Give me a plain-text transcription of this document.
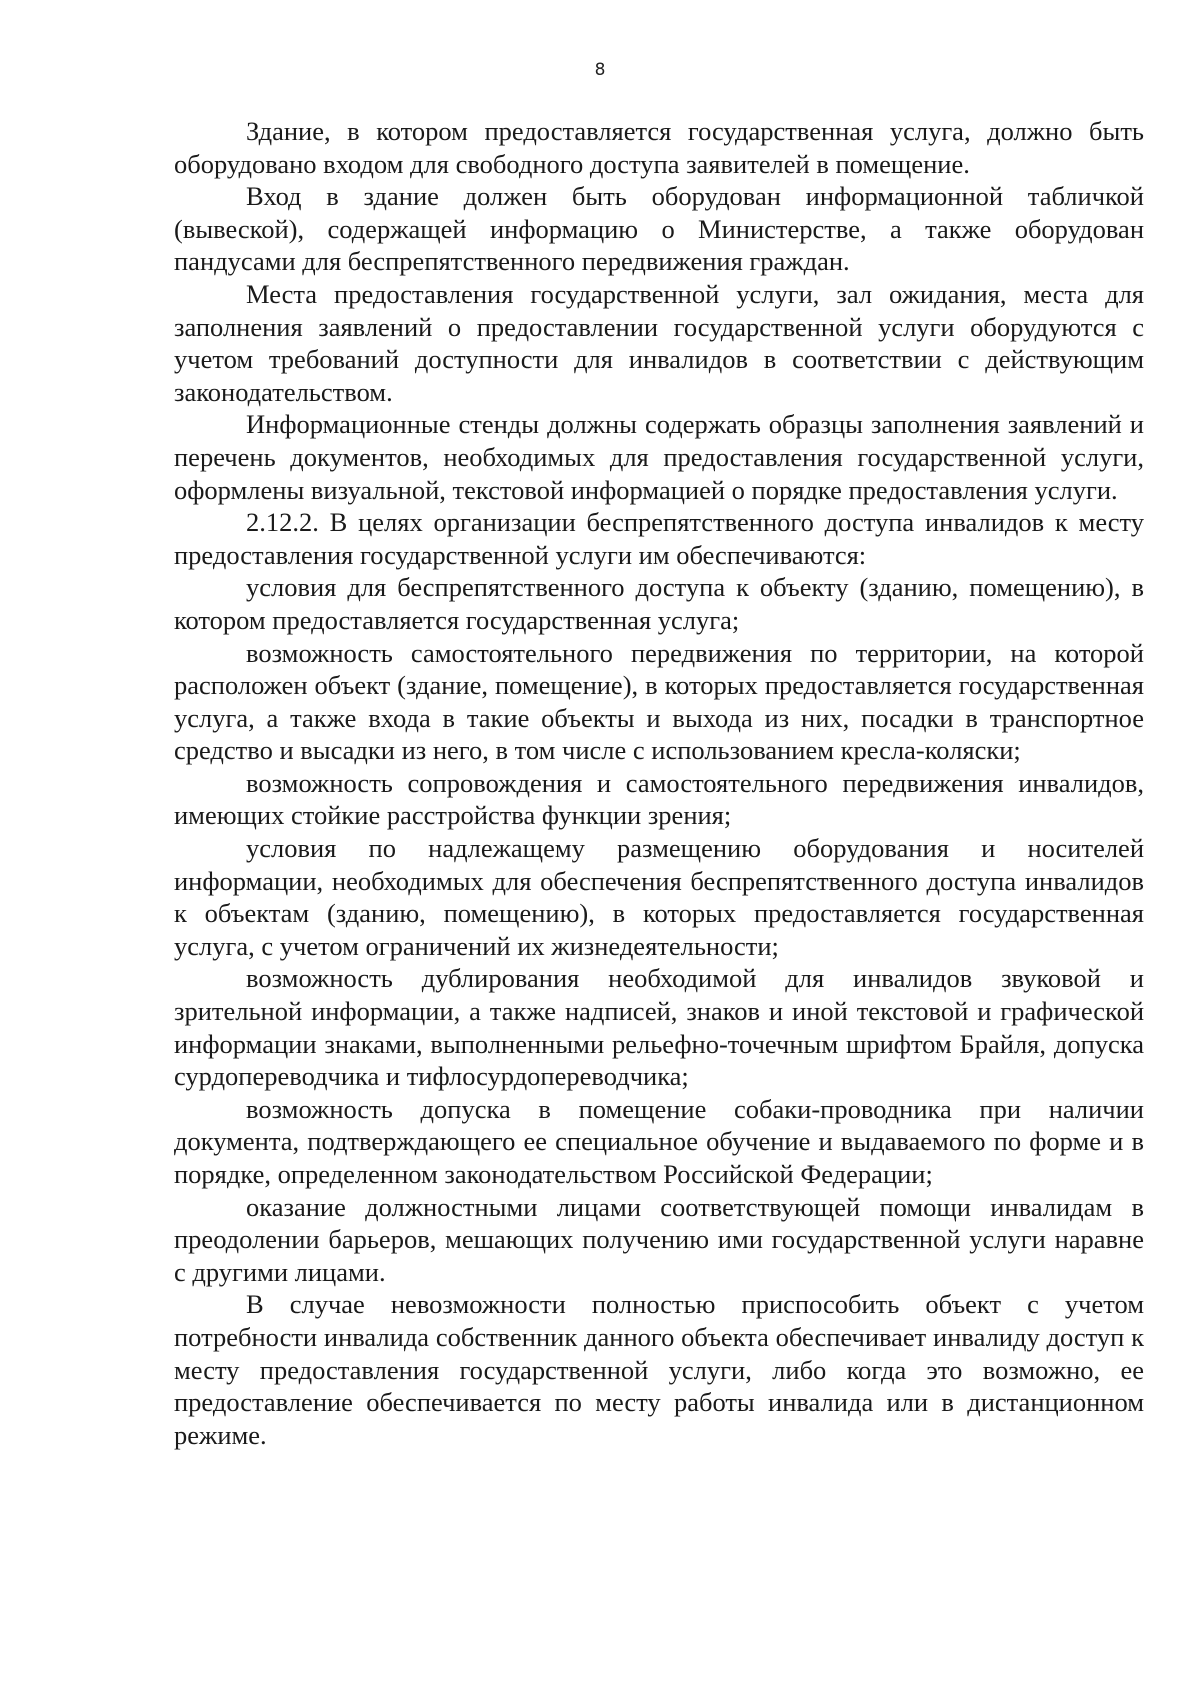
8

Здание, в котором предоставляется государственная услуга, должно быть оборудовано входом для свободного доступа заявителей в помещение.

Вход в здание должен быть оборудован информационной табличкой (вывеской), содержащей информацию о Министерстве, а также оборудован пандусами для беспрепятственного передвижения граждан.

Места предоставления государственной услуги, зал ожидания, места для заполнения заявлений о предоставлении государственной услуги оборудуются с учетом требований доступности для инвалидов в соответствии с действующим законодательством.

Информационные стенды должны содержать образцы заполнения заявлений и перечень документов, необходимых для предоставления государственной услуги, оформлены визуальной, текстовой информацией о порядке предоставления услуги.

2.12.2. В целях организации беспрепятственного доступа инвалидов к месту предоставления государственной услуги им обеспечиваются:

условия для беспрепятственного доступа к объекту (зданию, помещению), в котором предоставляется государственная услуга;

возможность самостоятельного передвижения по территории, на которой расположен объект (здание, помещение), в которых предоставляется государственная услуга, а также входа в такие объекты и выхода из них, посадки в транспортное средство и высадки из него, в том числе с использованием кресла-коляски;

возможность сопровождения и самостоятельного передвижения инвалидов, имеющих стойкие расстройства функции зрения;

условия по надлежащему размещению оборудования и носителей информации, необходимых для обеспечения беспрепятственного доступа инвалидов к объектам (зданию, помещению), в которых предоставляется государственная услуга, с учетом ограничений их жизнедеятельности;

возможность дублирования необходимой для инвалидов звуковой и зрительной информации, а также надписей, знаков и иной текстовой и графической информации знаками, выполненными рельефно-точечным шрифтом Брайля, допуска сурдопереводчика и тифлосурдопереводчика;

возможность допуска в помещение собаки-проводника при наличии документа, подтверждающего ее специальное обучение и выдаваемого по форме и в порядке, определенном законодательством Российской Федерации;

оказание должностными лицами соответствующей помощи инвалидам в преодолении барьеров, мешающих получению ими государственной услуги наравне с другими лицами.

В случае невозможности полностью приспособить объект с учетом потребности инвалида собственник данного объекта обеспечивает инвалиду доступ к месту предоставления государственной услуги, либо когда это возможно, ее предоставление обеспечивается по месту работы инвалида или в дистанционном режиме.
